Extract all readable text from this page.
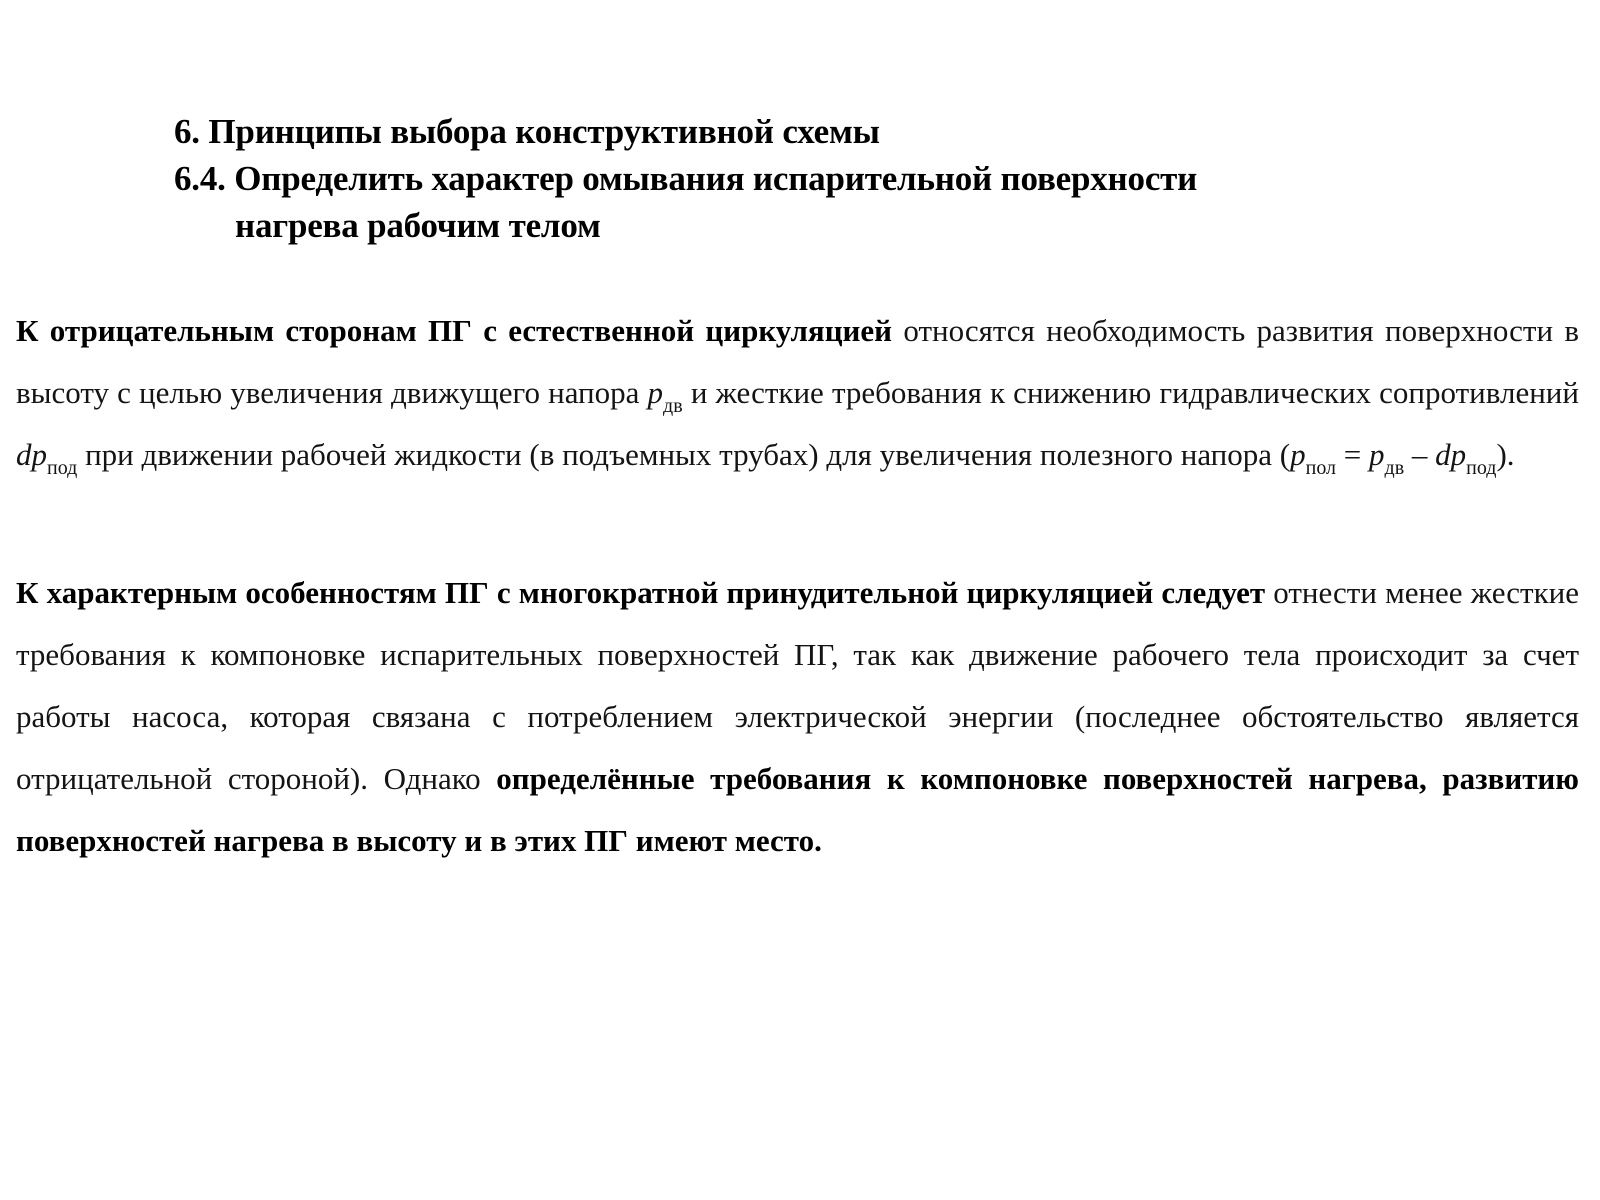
6. Принципы выбора конструктивной схемы
6.4. Определить характер омывания испарительной поверхности
нагрева рабочим телом

К отрицательным сторонам ПГ с естественной циркуляцией относятся необходимость развития поверхности в высоту с целью увеличения движущего напора $p_{дв}$ и жесткие требования к снижению гидравлических сопротивлений $dp_{под}$ при движении рабочей жидкости (в подъемных трубах) для увеличения полезного напора $(p_{пол} = p_{дв} - dp_{под})$.

К характерным особенностям ПГ с многократной принудительной циркуляцией следует отнести менее жесткие требования к компоновке испарительных поверхностей ПГ, так как движение рабочего тела происходит за счет работы насоса, которая связана с потреблением электрической энергии (последнее обстоятельство является отрицательной стороной). Однако определённые требования к компоновке поверхностей нагрева, развитию поверхностей нагрева в высоту и в этих ПГ имеют место.
